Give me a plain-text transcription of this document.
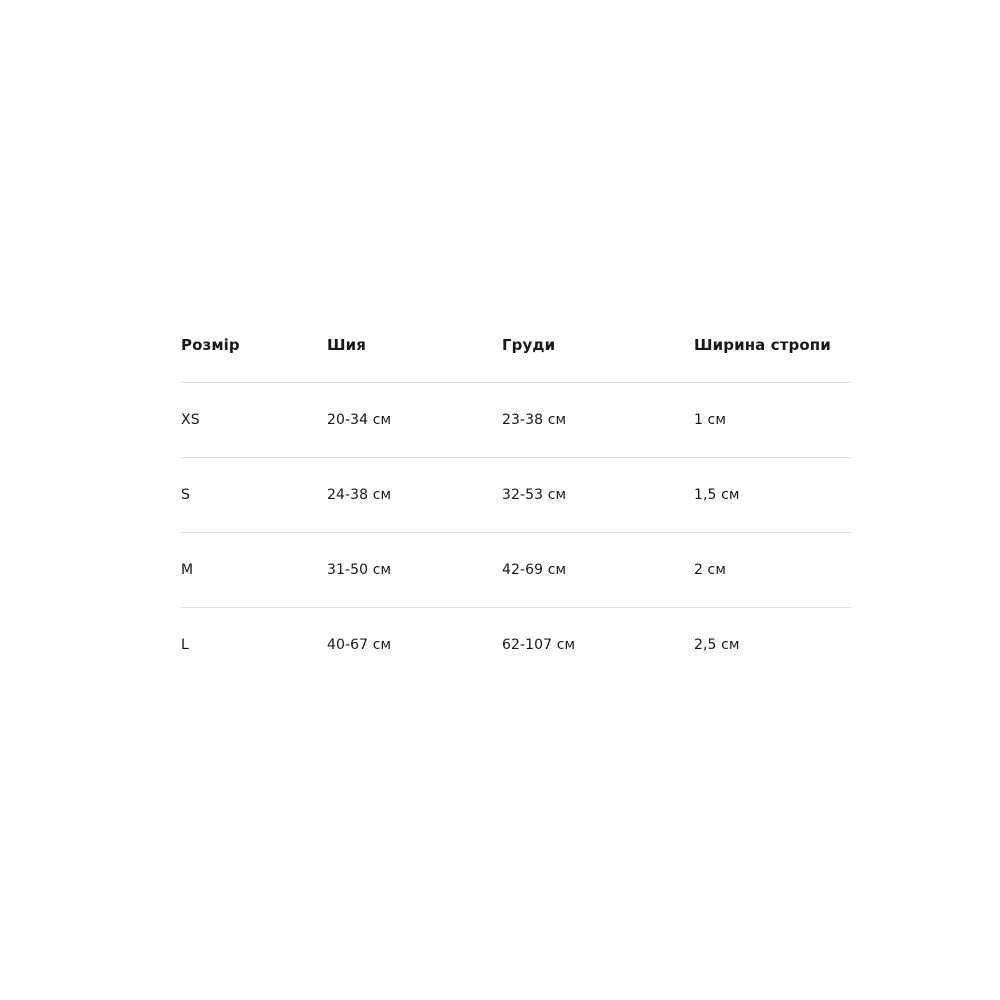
Розмір	Шия	Груди	Ширина стропи
XS	20-34 см	23-38 см	1 см
S	24-38 см	32-53 см	1,5 см
M	31-50 см	42-69 см	2 см
L	40-67 см	62-107 см	2,5 см
